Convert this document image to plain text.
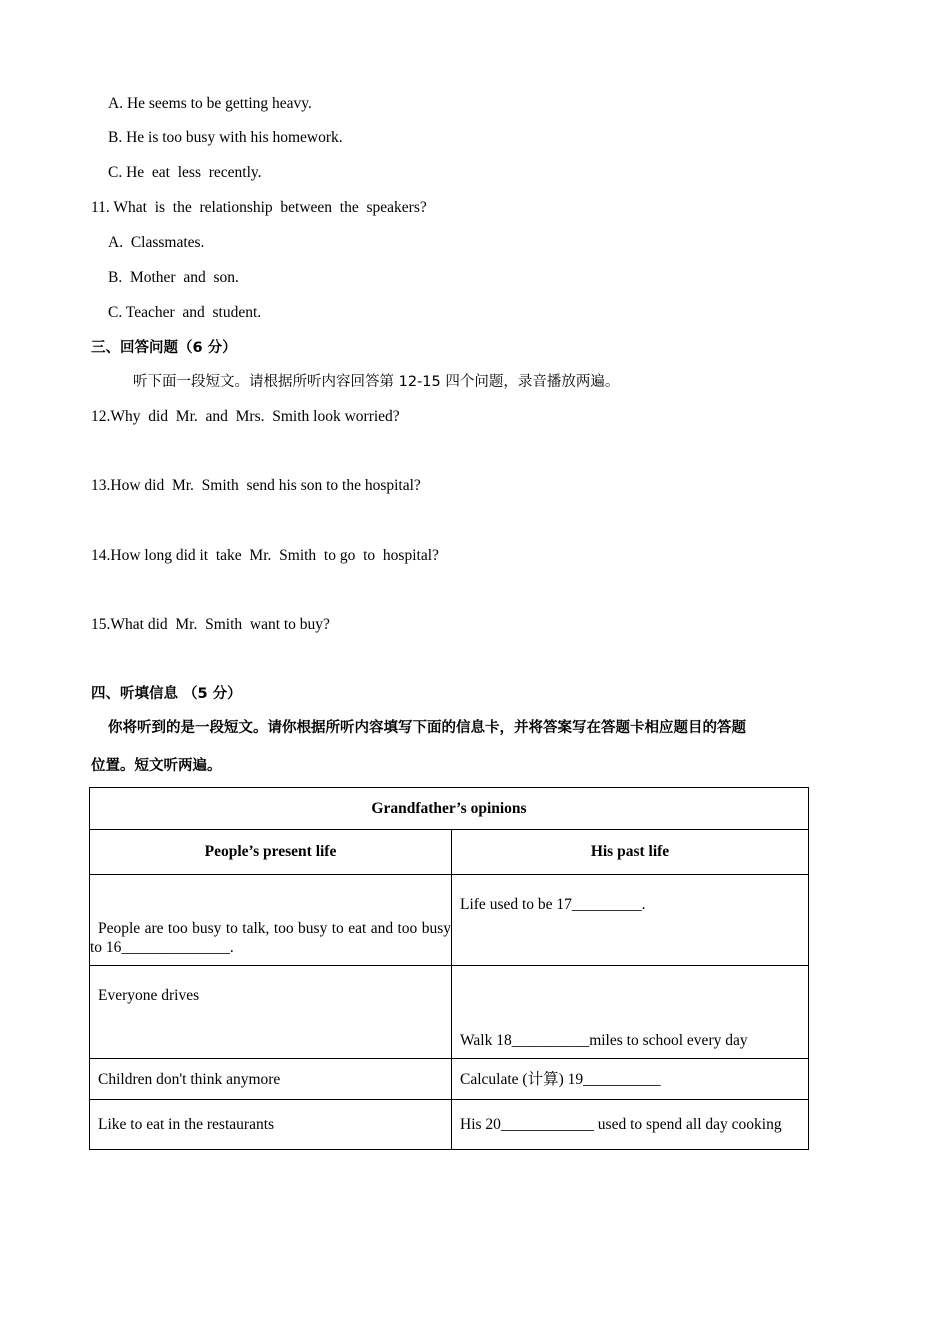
A. He seems to be getting heavy.
B. He is too busy with his homework.
C. He  eat  less  recently.
11. What  is  the  relationship  between  the  speakers?
A.  Classmates.
B.  Mother  and  son.
C. Teacher  and  student.
三、回答问题（6 分）
听下面一段短文。请根据所听内容回答第 12-15 四个问题，录音播放两遍。
12.Why  did  Mr.  and  Mrs.  Smith look worried?
13.How did  Mr.  Smith  send his son to the hospital?
14.How long did it  take  Mr.  Smith  to go  to  hospital?
15.What did  Mr.  Smith  want to buy?
四、听填信息 （5 分）
你将听到的是一段短文。请你根据所听内容填写下面的信息卡，并将答案写在答题卡相应题目的答题
位置。短文听两遍。
Grandfather’s opinions	
People’s present life	His past life

People are too busy to talk, too busy to eat and too busy to 16______________.	Life used to be 17_________.

Everyone drives	Walk 18__________miles to school every day

Children don't think anymore	Calculate (计算) 19__________

Like to eat in the restaurants	His 20____________ used to spend all day cooking
